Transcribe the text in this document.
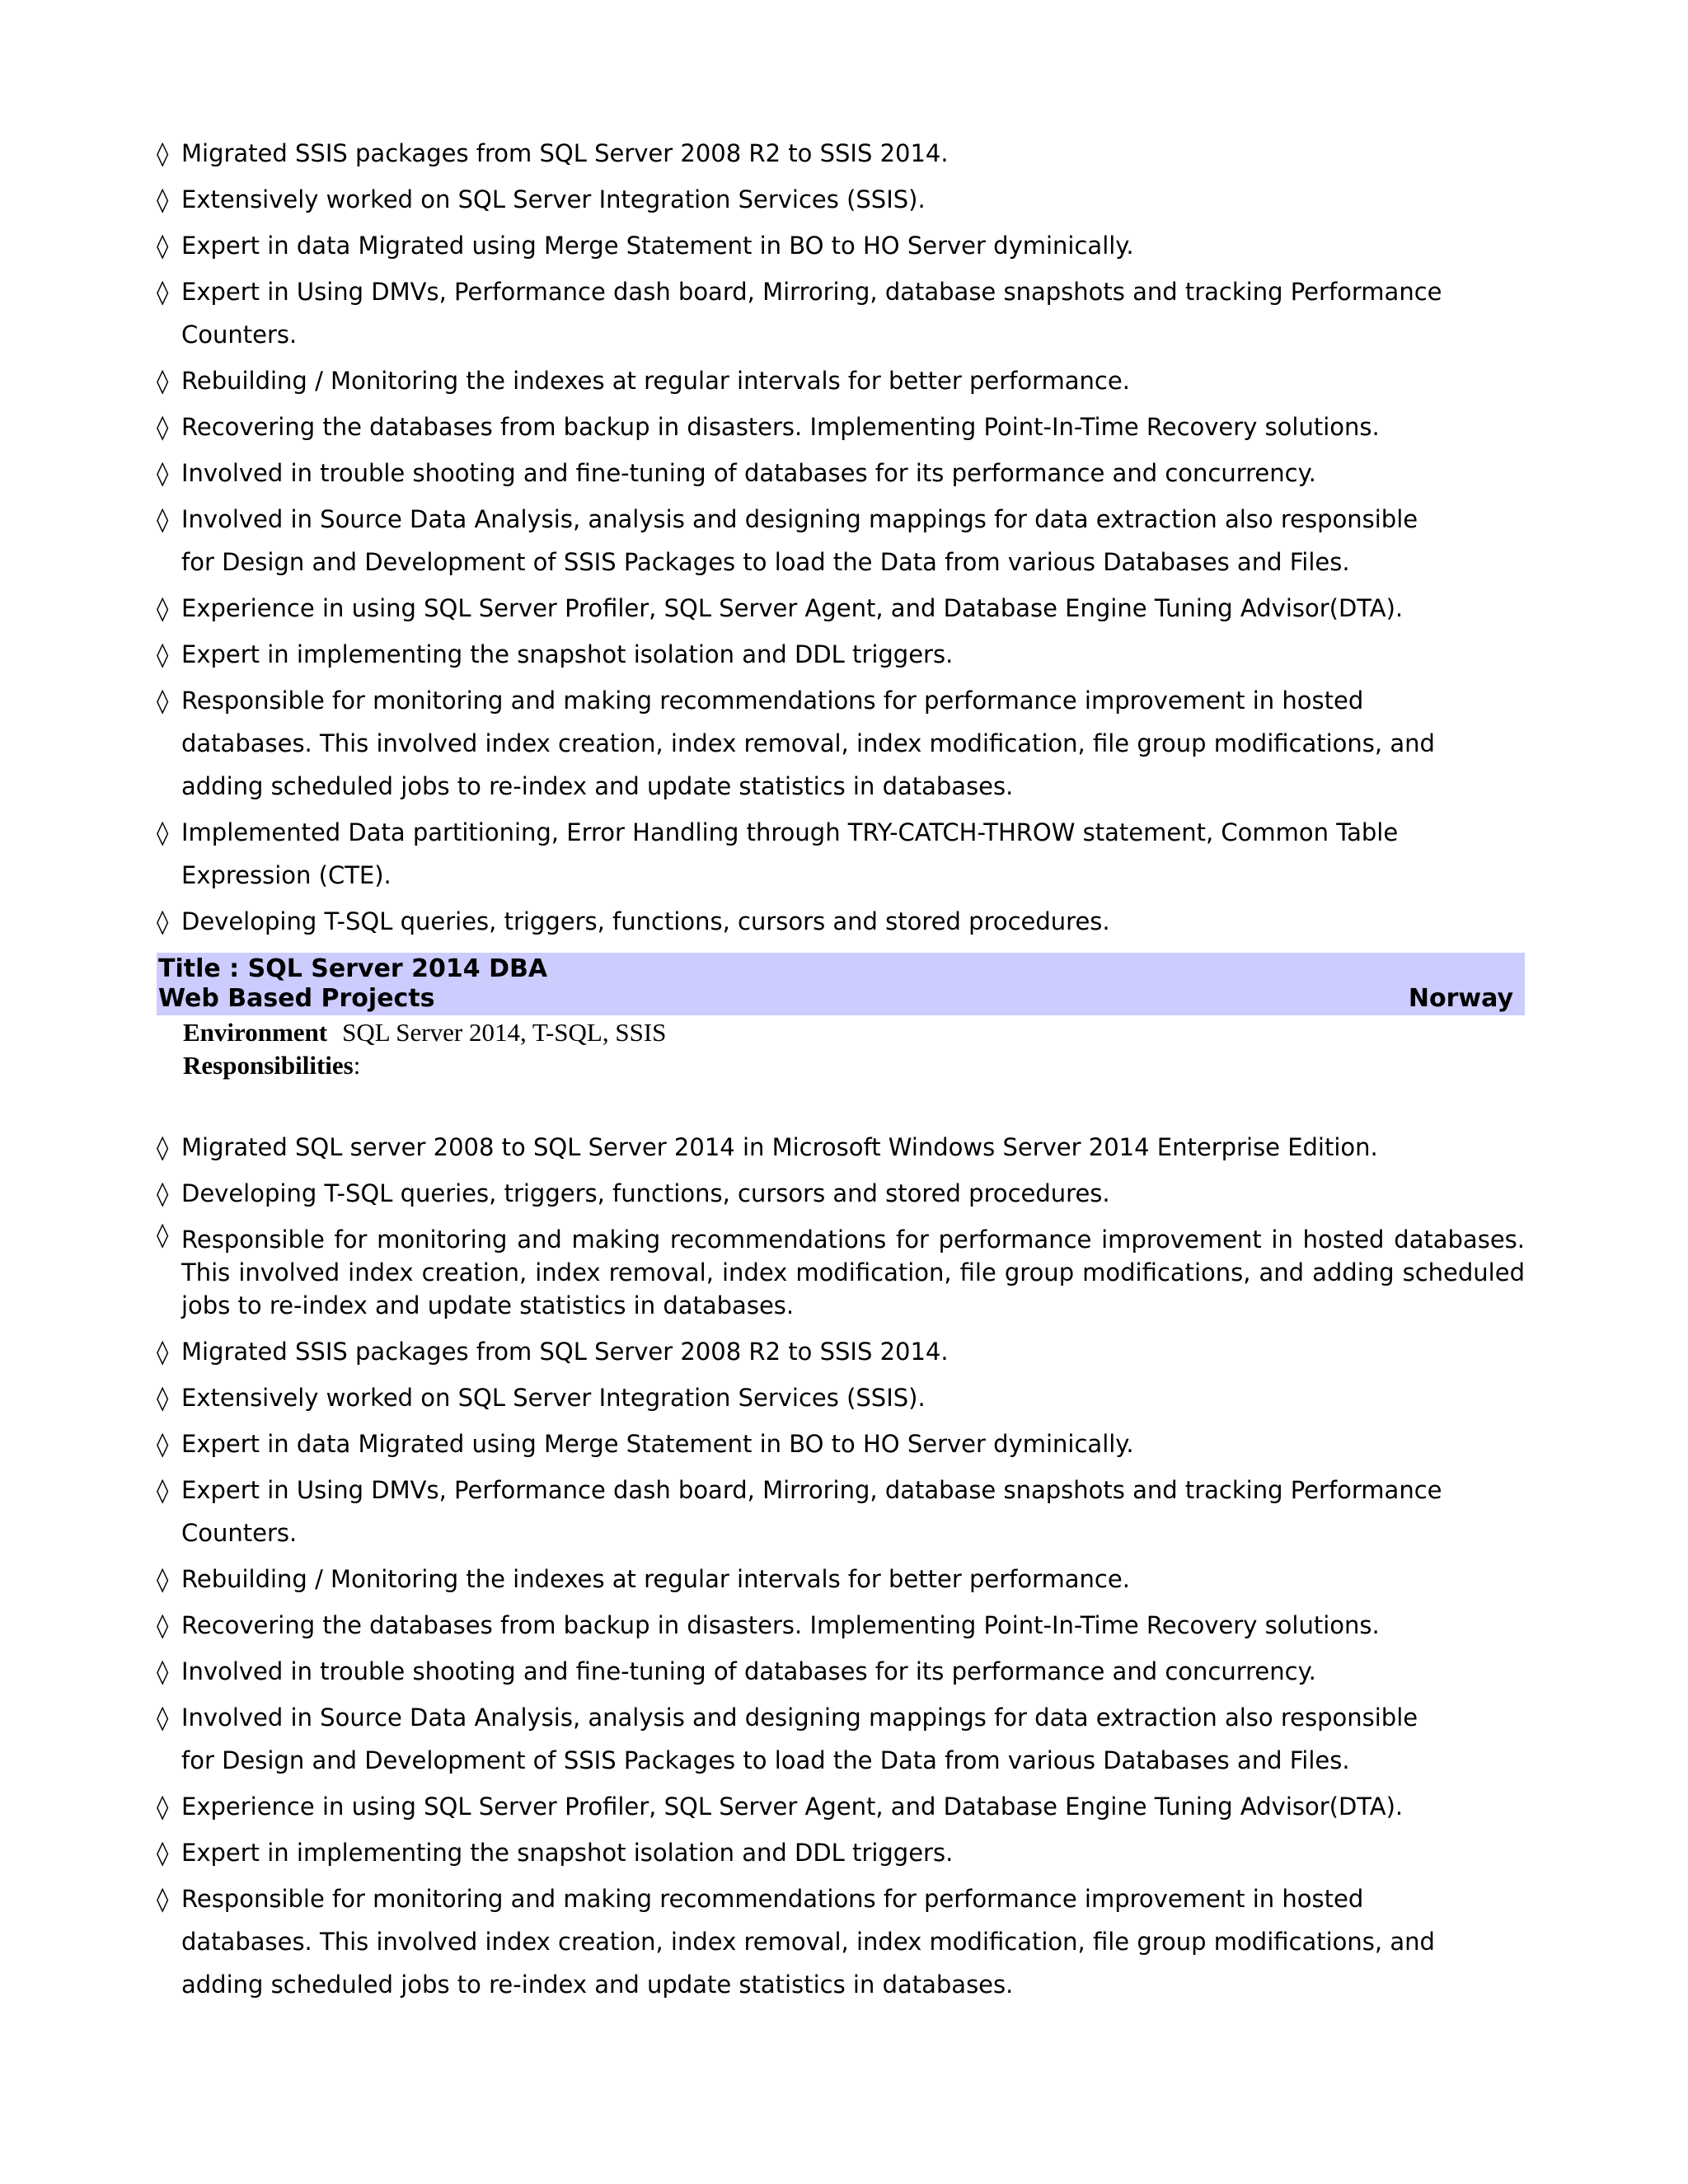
◊ Migrated SSIS packages from SQL Server 2008 R2 to SSIS 2014.
◊ Extensively worked on SQL Server Integration Services (SSIS).
◊ Expert in data Migrated using Merge Statement in BO to HO Server dyminically.
◊ Expert in Using DMVs, Performance dash board, Mirroring, database snapshots and tracking Performance Counters.
◊ Rebuilding / Monitoring the indexes at regular intervals for better performance.
◊ Recovering the databases from backup in disasters. Implementing Point-In-Time Recovery solutions.
◊ Involved in trouble shooting and fine-tuning of databases for its performance and concurrency.
◊ Involved in Source Data Analysis, analysis and designing mappings for data extraction also responsible for Design and Development of SSIS Packages to load the Data from various Databases and Files.
◊ Experience in using SQL Server Profiler, SQL Server Agent, and Database Engine Tuning Advisor(DTA).
◊ Expert in implementing the snapshot isolation and DDL triggers.
◊ Responsible for monitoring and making recommendations for performance improvement in hosted databases. This involved index creation, index removal, index modification, file group modifications, and adding scheduled jobs to re-index and update statistics in databases.
◊ Implemented Data partitioning, Error Handling through TRY-CATCH-THROW statement, Common Table Expression (CTE).
◊ Developing T-SQL queries, triggers, functions, cursors and stored procedures.
Title : SQL Server 2014 DBA
Web Based Projects	Norway
Environment SQL Server 2014, T-SQL, SSIS
Responsibilities:
◊ Migrated SQL server 2008 to SQL Server 2014 in Microsoft Windows Server 2014 Enterprise Edition.
◊ Developing T-SQL queries, triggers, functions, cursors and stored procedures.
◊ Responsible for monitoring and making recommendations for performance improvement in hosted databases. This involved index creation, index removal, index modification, file group modifications, and adding scheduled jobs to re-index and update statistics in databases.
◊ Migrated SSIS packages from SQL Server 2008 R2 to SSIS 2014.
◊ Extensively worked on SQL Server Integration Services (SSIS).
◊ Expert in data Migrated using Merge Statement in BO to HO Server dyminically.
◊ Expert in Using DMVs, Performance dash board, Mirroring, database snapshots and tracking Performance Counters.
◊ Rebuilding / Monitoring the indexes at regular intervals for better performance.
◊ Recovering the databases from backup in disasters. Implementing Point-In-Time Recovery solutions.
◊ Involved in trouble shooting and fine-tuning of databases for its performance and concurrency.
◊ Involved in Source Data Analysis, analysis and designing mappings for data extraction also responsible for Design and Development of SSIS Packages to load the Data from various Databases and Files.
◊ Experience in using SQL Server Profiler, SQL Server Agent, and Database Engine Tuning Advisor(DTA).
◊ Expert in implementing the snapshot isolation and DDL triggers.
◊ Responsible for monitoring and making recommendations for performance improvement in hosted databases. This involved index creation, index removal, index modification, file group modifications, and adding scheduled jobs to re-index and update statistics in databases.
